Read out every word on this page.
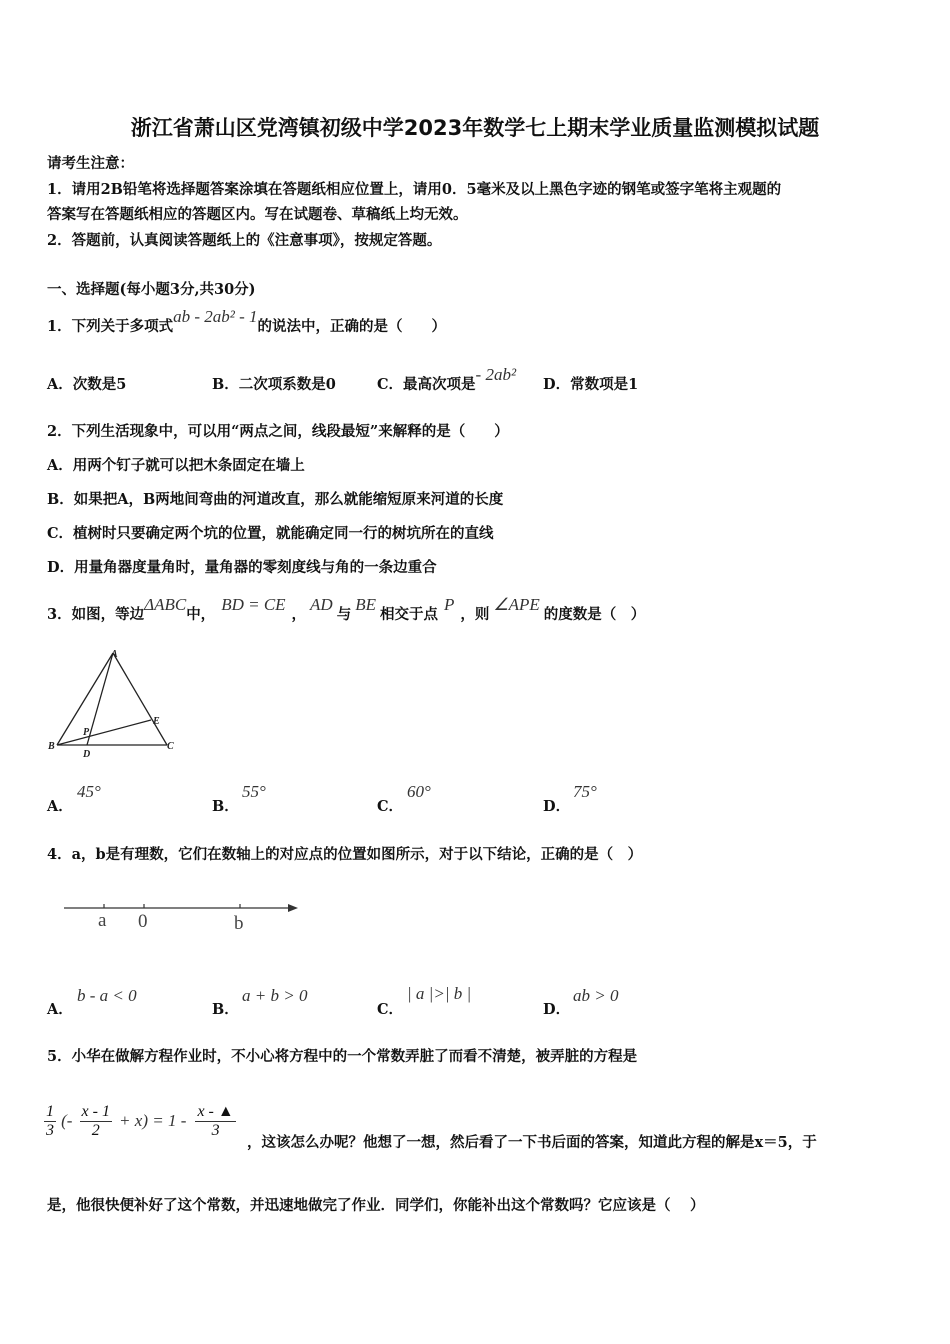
浙江省萧山区党湾镇初级中学2023年数学七上期末学业质量监测模拟试题
请考生注意：
1．请用2B铅笔将选择题答案涂填在答题纸相应位置上，请用0．5毫米及以上黑色字迹的钢笔或签字笔将主观题的
答案写在答题纸相应的答题区内。写在试题卷、草稿纸上均无效。
2．答题前，认真阅读答题纸上的《注意事项》，按规定答题。
一、选择题(每小题3分,共30分)
1．下列关于多项式ab - 2ab² - 1的说法中，正确的是（　　）
A．次数是5	B．二次项系数是0	C．最高次项是- 2ab²
D．常数项是1
2．下列生活现象中，可以用“两点之间，线段最短”来解释的是（　　）
A．用两个钉子就可以把木条固定在墙上
B．如果把A，B两地间弯曲的河道改直，那么就能缩短原来河道的长度
C．植树时只要确定两个坑的位置，就能确定同一行的树坑所在的直线
D．用量角器度量角时，量角器的零刻度线与角的一条边重合
3．如图，等边ΔABC中，BD = CE，AD与BE相交于点P，则∠APE的度数是（　）
A
B	C
D
E
P
A．
45°
B．
55°
C．
60°
D．
75°
4．a，b是有理数，它们在数轴上的对应点的位置如图所示，对于以下结论，正确的是（　）
a 0	b
A．
b - a < 0
B．
a + b > 0
C．
| a |>| b |
D．
ab > 0
5．小华在做解方程作业时，不小心将方程中的一个常数弄脏了而看不清楚，被弄脏的方程是
$\frac{1}{3}$ (- $\frac{x - 1}{2} + x) = 1 - \frac{x - ▲}{3}$
，这该怎么办呢？他想了一想，然后看了一下书后面的答案，知道此方程的解是x＝5，于
是，他很快便补好了这个常数，并迅速地做完了作业．同学们，你能补出这个常数吗？它应该是（　 ）
